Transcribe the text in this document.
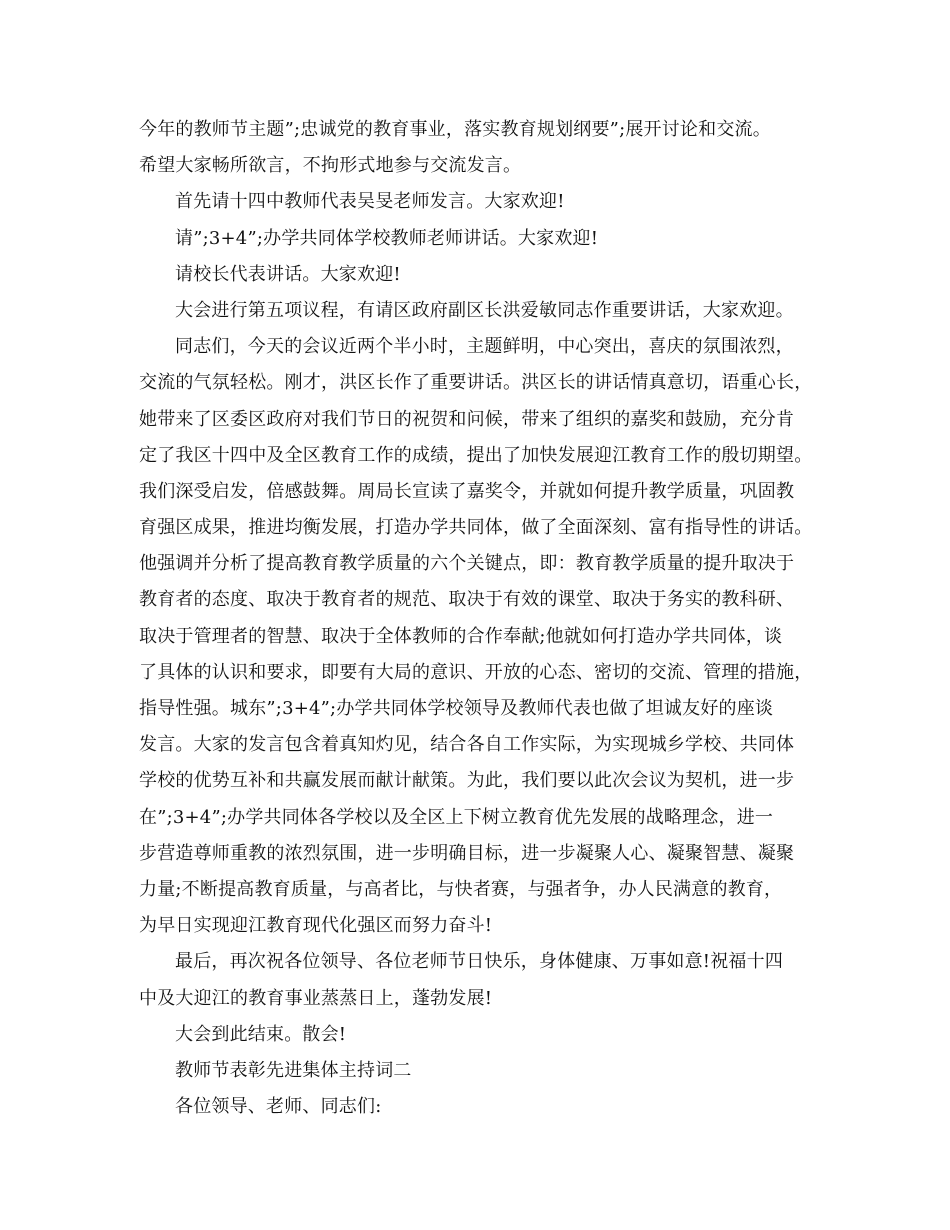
今年的教师节主题”;忠诚党的教育事业，落实教育规划纲要”;展开讨论和交流。
希望大家畅所欲言，不拘形式地参与交流发言。
首先请十四中教师代表吴旻老师发言。大家欢迎!
请”;3+4”;办学共同体学校教师老师讲话。大家欢迎!
请校长代表讲话。大家欢迎!
大会进行第五项议程，有请区政府副区长洪爱敏同志作重要讲话，大家欢迎。
同志们，今天的会议近两个半小时，主题鲜明，中心突出，喜庆的氛围浓烈，
交流的气氛轻松。刚才，洪区长作了重要讲话。洪区长的讲话情真意切，语重心长，
她带来了区委区政府对我们节日的祝贺和问候，带来了组织的嘉奖和鼓励，充分肯
定了我区十四中及全区教育工作的成绩，提出了加快发展迎江教育工作的殷切期望。
我们深受启发，倍感鼓舞。周局长宣读了嘉奖令，并就如何提升教学质量，巩固教
育强区成果，推进均衡发展，打造办学共同体，做了全面深刻、富有指导性的讲话。
他强调并分析了提高教育教学质量的六个关键点，即：教育教学质量的提升取决于
教育者的态度、取决于教育者的规范、取决于有效的课堂、取决于务实的教科研、
取决于管理者的智慧、取决于全体教师的合作奉献;他就如何打造办学共同体，谈
了具体的认识和要求，即要有大局的意识、开放的心态、密切的交流、管理的措施，
指导性强。城东”;3+4”;办学共同体学校领导及教师代表也做了坦诚友好的座谈
发言。大家的发言包含着真知灼见，结合各自工作实际，为实现城乡学校、共同体
学校的优势互补和共赢发展而献计献策。为此，我们要以此次会议为契机，进一步
在”;3+4”;办学共同体各学校以及全区上下树立教育优先发展的战略理念，进一
步营造尊师重教的浓烈氛围，进一步明确目标，进一步凝聚人心、凝聚智慧、凝聚
力量;不断提高教育质量，与高者比，与快者赛，与强者争，办人民满意的教育，
为早日实现迎江教育现代化强区而努力奋斗!
最后，再次祝各位领导、各位老师节日快乐，身体健康、万事如意!祝福十四
中及大迎江的教育事业蒸蒸日上，蓬勃发展!
大会到此结束。散会!
教师节表彰先进集体主持词二
各位领导、老师、同志们:
